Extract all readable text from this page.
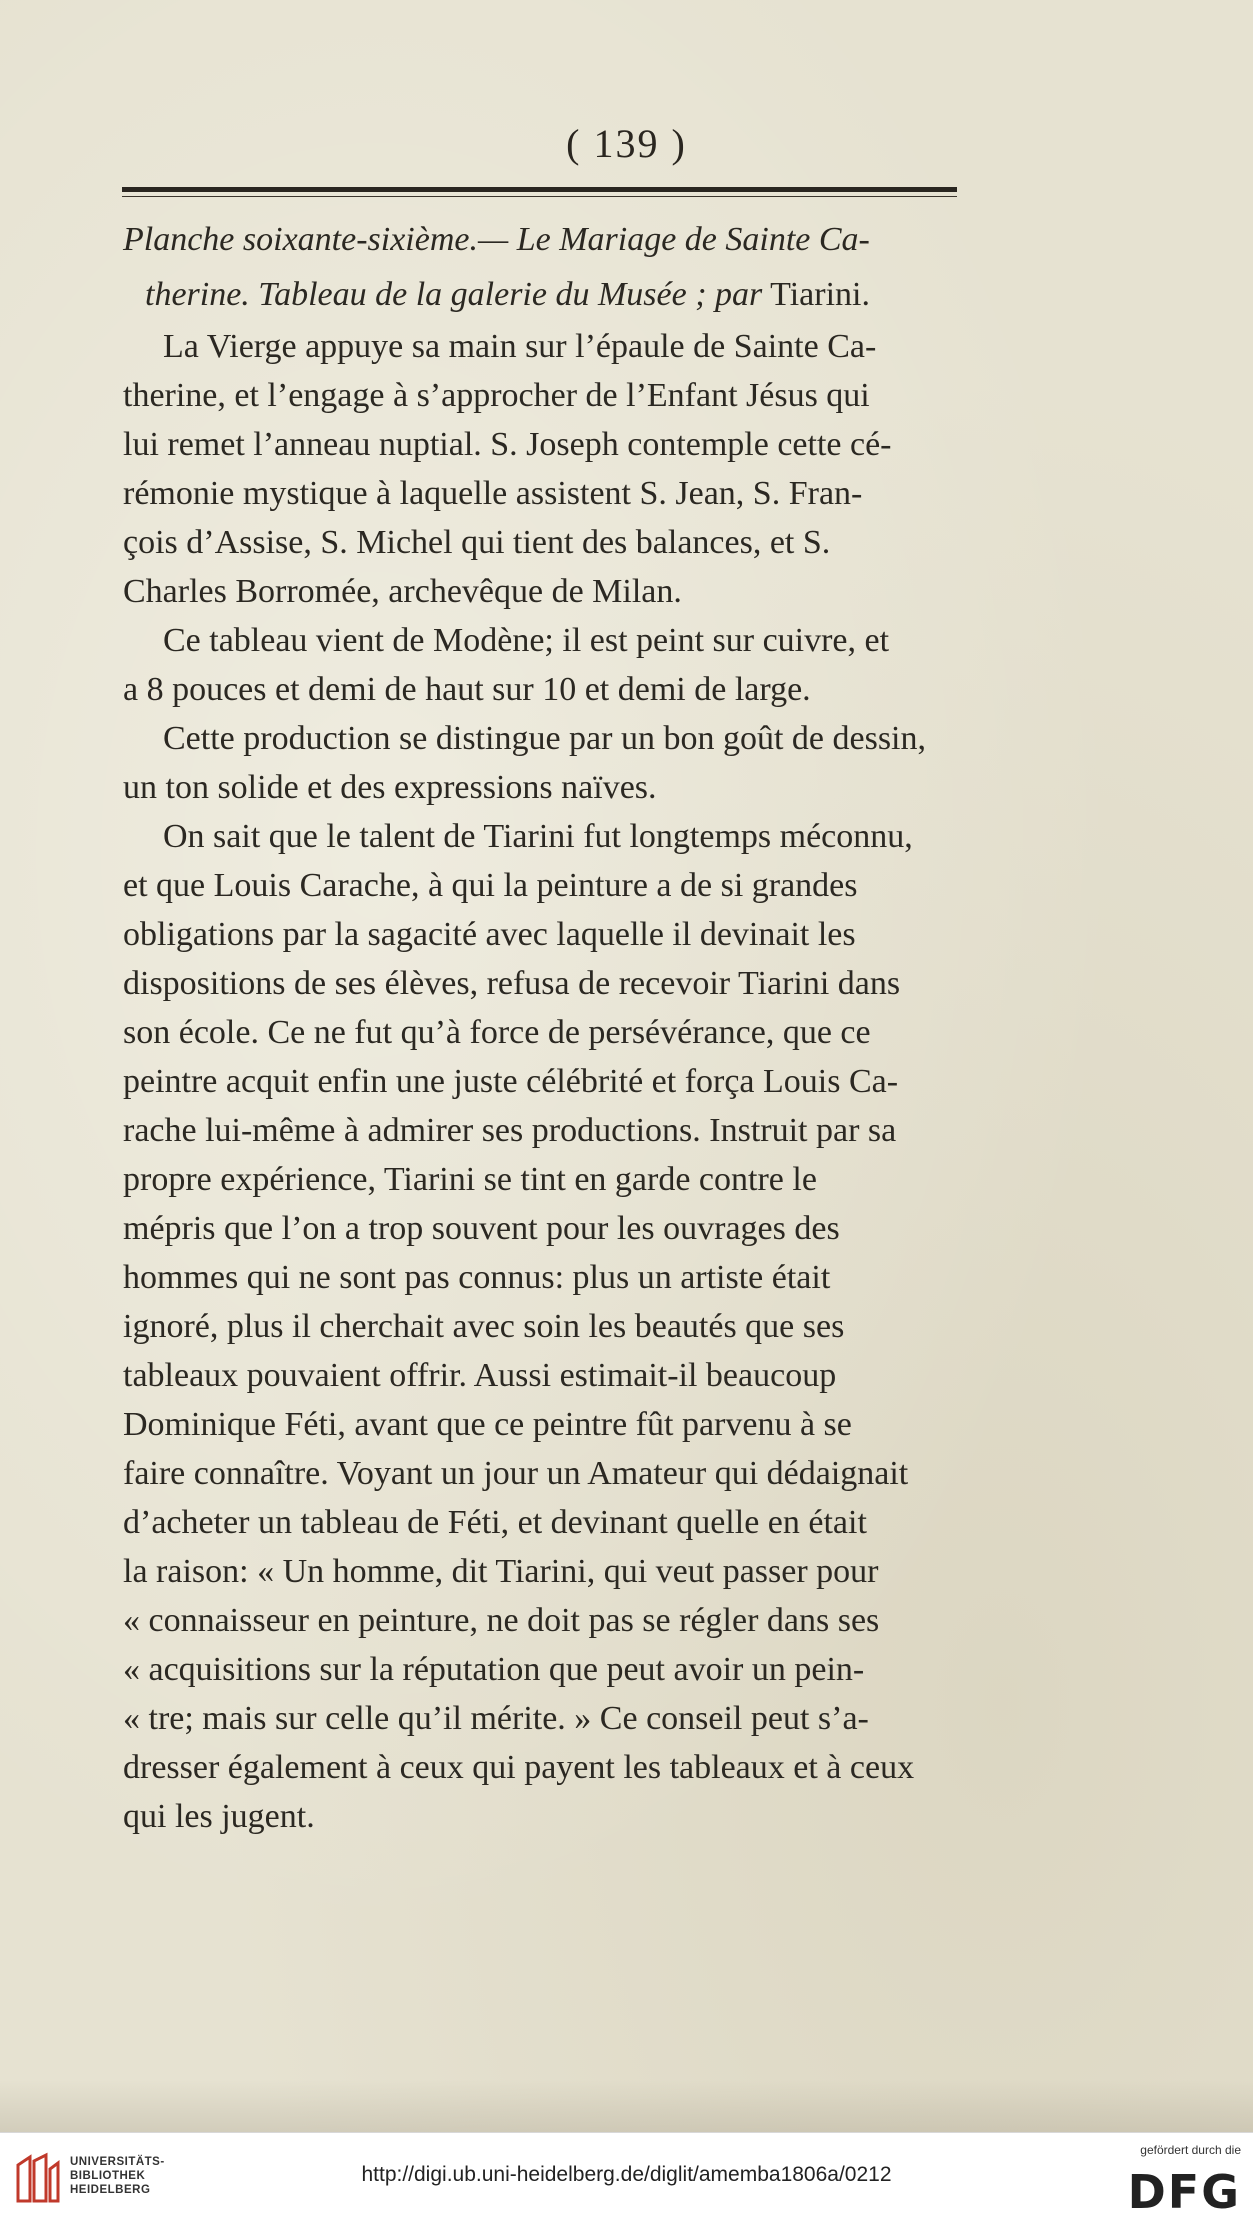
( 139 )
Planche soixante-sixième.— Le Mariage de Sainte Ca-
therine. Tableau de la galerie du Musée ; par Tiarini.

La Vierge appuye sa main sur l’épaule de Sainte Ca-
therine, et l’engage à s’approcher de l’Enfant Jésus qui
lui remet l’anneau nuptial. S. Joseph contemple cette cé-
rémonie mystique à laquelle assistent S. Jean, S. Fran-
çois d’Assise, S. Michel qui tient des balances, et S.
Charles Borromée, archevêque de Milan.

Ce tableau vient de Modène; il est peint sur cuivre, et
a 8 pouces et demi de haut sur 10 et demi de large.

Cette production se distingue par un bon goût de dessin,
un ton solide et des expressions naïves.

On sait que le talent de Tiarini fut longtemps méconnu,
et que Louis Carache, à qui la peinture a de si grandes
obligations par la sagacité avec laquelle il devinait les
dispositions de ses élèves, refusa de recevoir Tiarini dans
son école. Ce ne fut qu’à force de persévérance, que ce
peintre acquit enfin une juste célébrité et força Louis Ca-
rache lui-même à admirer ses productions. Instruit par sa
propre expérience, Tiarini se tint en garde contre le
mépris que l’on a trop souvent pour les ouvrages des
hommes qui ne sont pas connus: plus un artiste était
ignoré, plus il cherchait avec soin les beautés que ses
tableaux pouvaient offrir. Aussi estimait-il beaucoup
Dominique Féti, avant que ce peintre fût parvenu à se
faire connaître. Voyant un jour un Amateur qui dédaignait
d’acheter un tableau de Féti, et devinant quelle en était
la raison: « Un homme, dit Tiarini, qui veut passer pour
« connaisseur en peinture, ne doit pas se régler dans ses
« acquisitions sur la réputation que peut avoir un pein-
« tre; mais sur celle qu’il mérite. » Ce conseil peut s’a-
dresser également à ceux qui payent les tableaux et à ceux
qui les jugent.

UNIVERSITÄTS-
BIBLIOTHEK
HEIDELBERG
http://digi.ub.uni-heidelberg.de/diglit/amemba1806a/0212
gefördert durch die
DFG
